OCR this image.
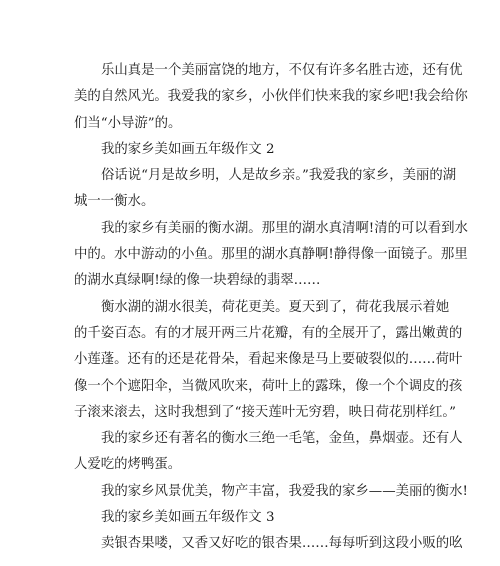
乐山真是一个美丽富饶的地方，不仅有许多名胜古迹，还有优
美的自然风光。我爱我的家乡，小伙伴们快来我的家乡吧!我会给你
们当“小导游”的。
我的家乡美如画五年级作文 2
俗话说“月是故乡明，人是故乡亲。”我爱我的家乡，美丽的湖
城一一衡水。
我的家乡有美丽的衡水湖。那里的湖水真清啊!清的可以看到水
中的。水中游动的小鱼。那里的湖水真静啊!静得像一面镜子。那里
的湖水真绿啊!绿的像一块碧绿的翡翠……
衡水湖的湖水很美，荷花更美。夏天到了，荷花我展示着她
的千姿百态。有的才展开两三片花瓣，有的全展开了，露出嫩黄的
小莲蓬。还有的还是花骨朵，看起来像是马上要破裂似的……荷叶
像一个个遮阳伞，当微风吹来，荷叶上的露珠，像一个个调皮的孩
子滚来滚去，这时我想到了“接天莲叶无穷碧，映日荷花别样红。”
我的家乡还有著名的衡水三绝一毛笔，金鱼，鼻烟壶。还有人
人爱吃的烤鸭蛋。
我的家乡风景优美，物产丰富，我爱我的家乡——美丽的衡水!
我的家乡美如画五年级作文 3
卖银杏果喽，又香又好吃的银杏果……每每听到这段小贩的吆
